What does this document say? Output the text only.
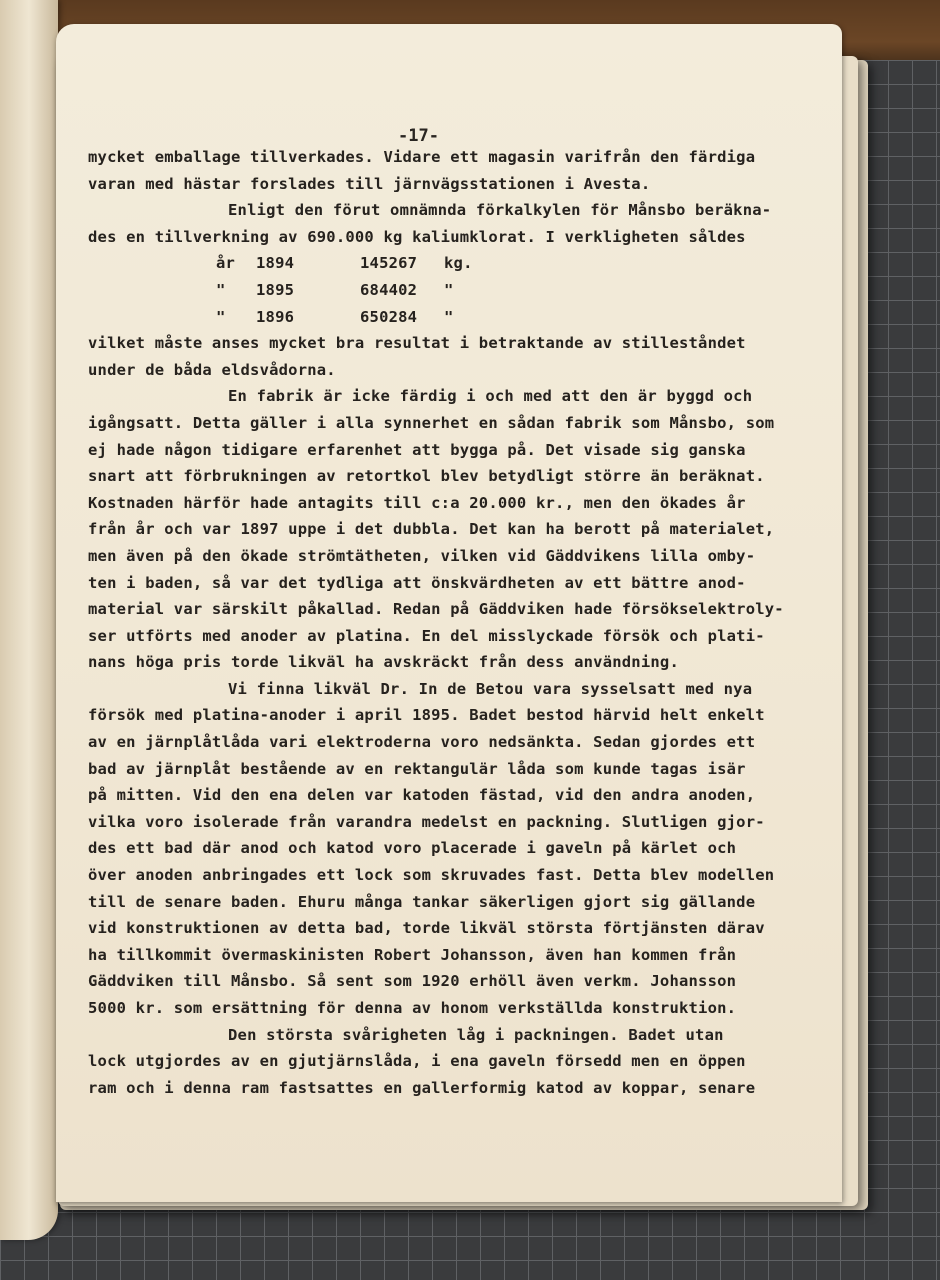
-17-
mycket emballage tillverkades. Vidare ett magasin varifrån den färdiga
varan med hästar forslades till järnvägsstationen i Avesta.
Enligt den förut omnämnda förkalkylen för Månsbo beräkna-
des en tillverkning av 690.000 kg kaliumklorat. I verkligheten såldes
år 1894	145267 kg.
" 1895	684402 "
" 1896	650284 "
vilket måste anses mycket bra resultat i betraktande av stilleståndet
under de båda eldsvådorna.
En fabrik är icke färdig i och med att den är byggd och
igångsatt. Detta gäller i alla synnerhet en sådan fabrik som Månsbo, som
ej hade någon tidigare erfarenhet att bygga på. Det visade sig ganska
snart att förbrukningen av retortkol blev betydligt större än beräknat.
Kostnaden härför hade antagits till c:a 20.000 kr., men den ökades år
från år och var 1897 uppe i det dubbla. Det kan ha berott på materialet,
men även på den ökade strömtätheten, vilken vid Gäddvikens lilla omby-
ten i baden, så var det tydliga att önskvärdheten av ett bättre anod-
material var särskilt påkallad. Redan på Gäddviken hade försökselektroly-
ser utförts med anoder av platina. En del misslyckade försök och plati-
nans höga pris torde likväl ha avskräckt från dess användning.
Vi finna likväl Dr. In de Betou vara sysselsatt med nya
försök med platina-anoder i april 1895. Badet bestod härvid helt enkelt
av en järnplåtlåda vari elektroderna voro nedsänkta. Sedan gjordes ett
bad av järnplåt bestående av en rektangulär låda som kunde tagas isär
på mitten. Vid den ena delen var katoden fästad, vid den andra anoden,
vilka voro isolerade från varandra medelst en packning. Slutligen gjor-
des ett bad där anod och katod voro placerade i gaveln på kärlet och
över anoden anbringades ett lock som skruvades fast. Detta blev modellen
till de senare baden. Ehuru många tankar säkerligen gjort sig gällande
vid konstruktionen av detta bad, torde likväl största förtjänsten därav
ha tillkommit övermaskinisten Robert Johansson, även han kommen från
Gäddviken till Månsbo. Så sent som 1920 erhöll även verkm. Johansson
5000 kr. som ersättning för denna av honom verkställda konstruktion.
Den största svårigheten låg i packningen. Badet utan
lock utgjordes av en gjutjärnslåda, i ena gaveln försedd men en öppen
ram och i denna ram fastsattes en gallerformig katod av koppar, senare
